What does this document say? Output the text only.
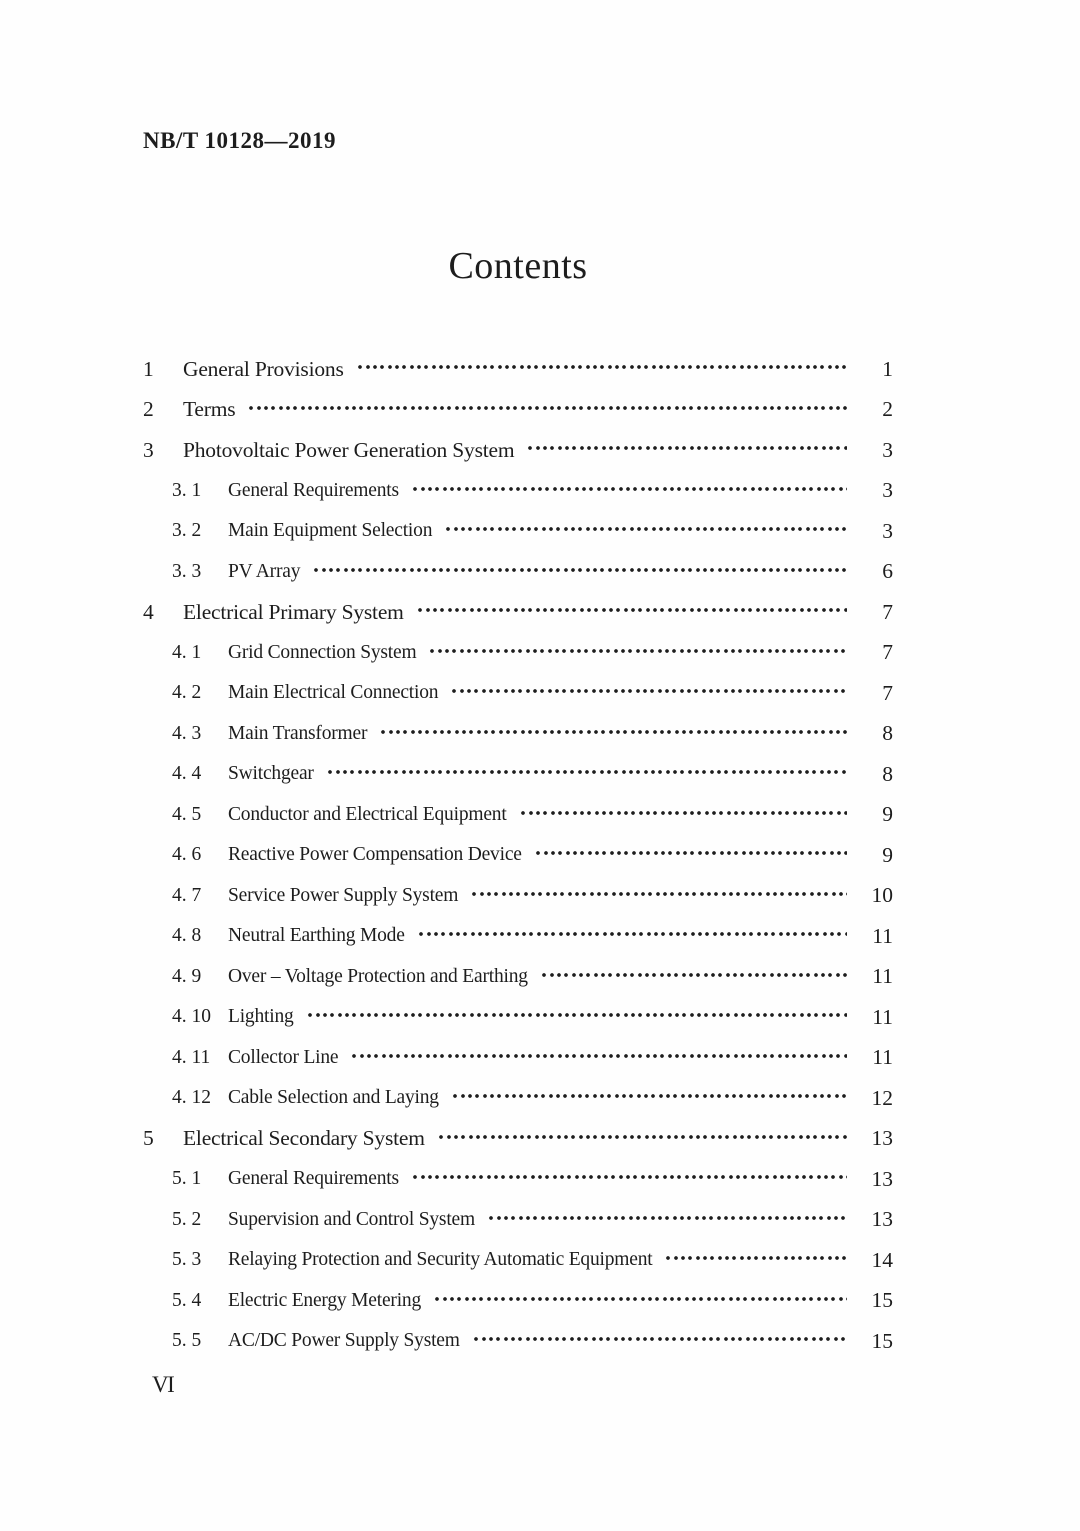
NB/T 10128—2019
Contents
1	General Provisions	1
2	Terms	2
3	Photovoltaic Power Generation System	3
3. 1	General Requirements	3
3. 2	Main Equipment Selection	3
3. 3	PV Array	6
4	Electrical Primary System	7
4. 1	Grid Connection System	7
4. 2	Main Electrical Connection	7
4. 3	Main Transformer	8
4. 4	Switchgear	8
4. 5	Conductor and Electrical Equipment	9
4. 6	Reactive Power Compensation Device	9
4. 7	Service Power Supply System	10
4. 8	Neutral Earthing Mode	11
4. 9	Over – Voltage Protection and Earthing	11
4. 10 Lighting	11
4. 11 Collector Line	11
4. 12 Cable Selection and Laying	12
5	Electrical Secondary System	13
5. 1	General Requirements	13
5. 2	Supervision and Control System	13
5. 3	Relaying Protection and Security Automatic Equipment	14
5. 4	Electric Energy Metering	15
5. 5	AC/DC Power Supply System	15
VI
